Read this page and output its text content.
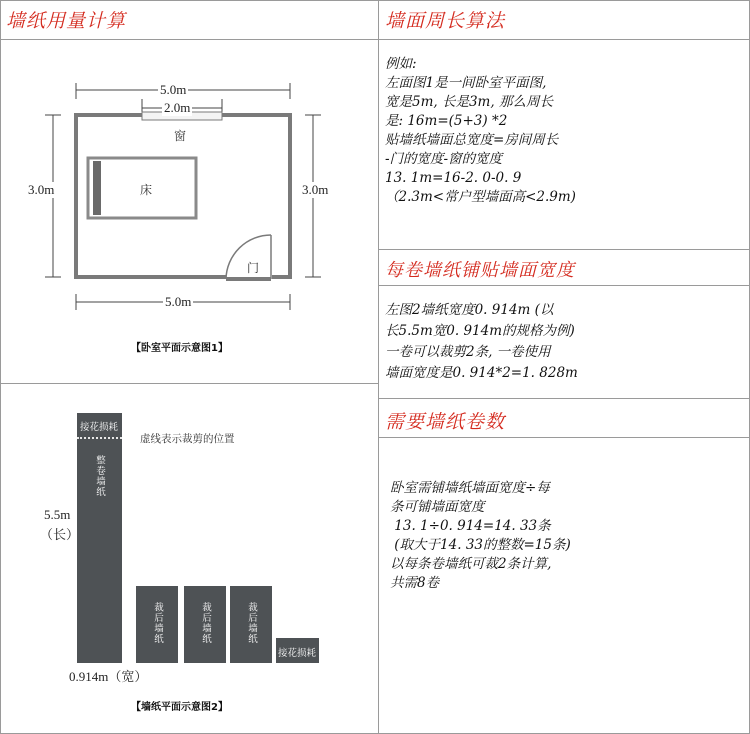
墙纸用量计算
5.0m
2.0m
窗
床
门
3.0m	3.0m
5.0m
【卧室平面示意图1】
接花损耗
虚线表示裁剪的位置
整卷墙纸
5.5m
（长）
裁后墙纸	裁后墙纸	裁后墙纸
接花损耗
0.914m（宽）
【墙纸平面示意图2】
墙面周长算法
例如:
左面图1是一间卧室平面图,
宽是5m, 长是3m, 那么周长
是: 16m=(5+3) *2
贴墙纸墙面总宽度=房间周长
-门的宽度-窗的宽度
13. 1m=16-2. 0-0. 9
（2.3m<常户型墙面高<2.9m)
每卷墙纸铺贴墙面宽度
左图2墙纸宽度0. 914m (以
长5.5m宽0. 914m的规格为例)
一卷可以裁剪2条, 一卷使用
墙面宽度是0. 914*2=1. 828m
需要墙纸卷数
卧室需铺墙纸墙面宽度÷每
条可铺墙面宽度
13. 1÷0. 914=14. 33条
(取大于14. 33的整数=15条)
以每条卷墙纸可裁2条计算,
共需8卷
